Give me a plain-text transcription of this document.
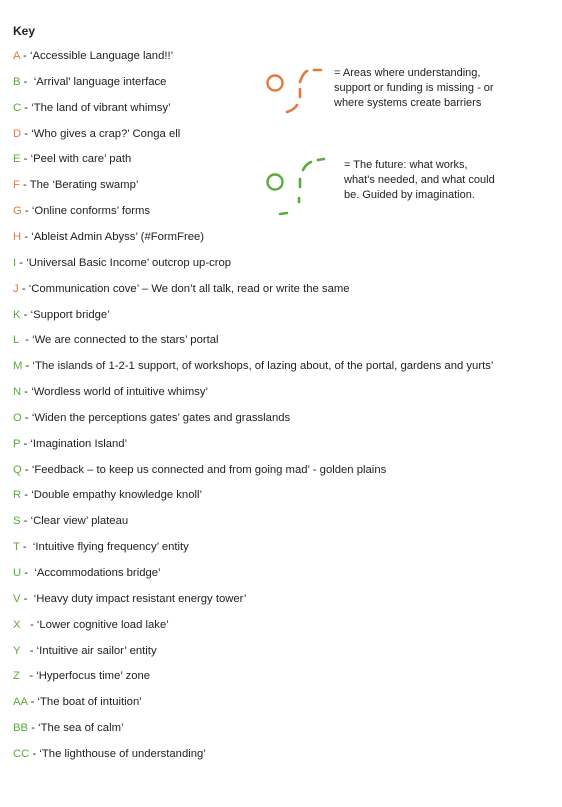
Key
A - ‘Accessible Language land!!’
B -  ‘Arrival’ language interface
C - ‘The land of vibrant whimsy’
D - ‘Who gives a crap?’ Conga ell
E - ‘Peel with care’ path
F - The ‘Berating swamp’
G - ‘Online conforms’ forms
H - ‘Ableist Admin Abyss’ (#FormFree)
I - ‘Universal Basic Income’ outcrop up-crop
J - ‘Communication cove’ – We don’t all talk, read or write the same
K - ‘Support bridge’
L  - ‘We are connected to the stars’ portal
M - ‘The islands of 1-2-1 support, of workshops, of lazing about, of the portal, gardens and yurts’
N - ‘Wordless world of intuitive whimsy’
O - ‘Widen the perceptions gates’ gates and grasslands
P - ‘Imagination Island’
Q - ‘Feedback – to keep us connected and from going mad’ - golden plains
R - ‘Double empathy knowledge knoll’
S - ‘Clear view’ plateau
T -  ‘Intuitive flying frequency’ entity
U -  ‘Accommodations bridge’
V -  ‘Heavy duty impact resistant energy tower’
X   - ‘Lower cognitive load lake’
Y   - ‘Intuitive air sailor’ entity
Z   - ‘Hyperfocus time’ zone
AA - ‘The boat of intuition’
BB - ‘The sea of calm’
CC - ‘The lighthouse of understanding’
= Areas where understanding,
support or funding is missing - or
where systems create barriers
= The future: what works,
what's needed, and what could
be. Guided by imagination.
